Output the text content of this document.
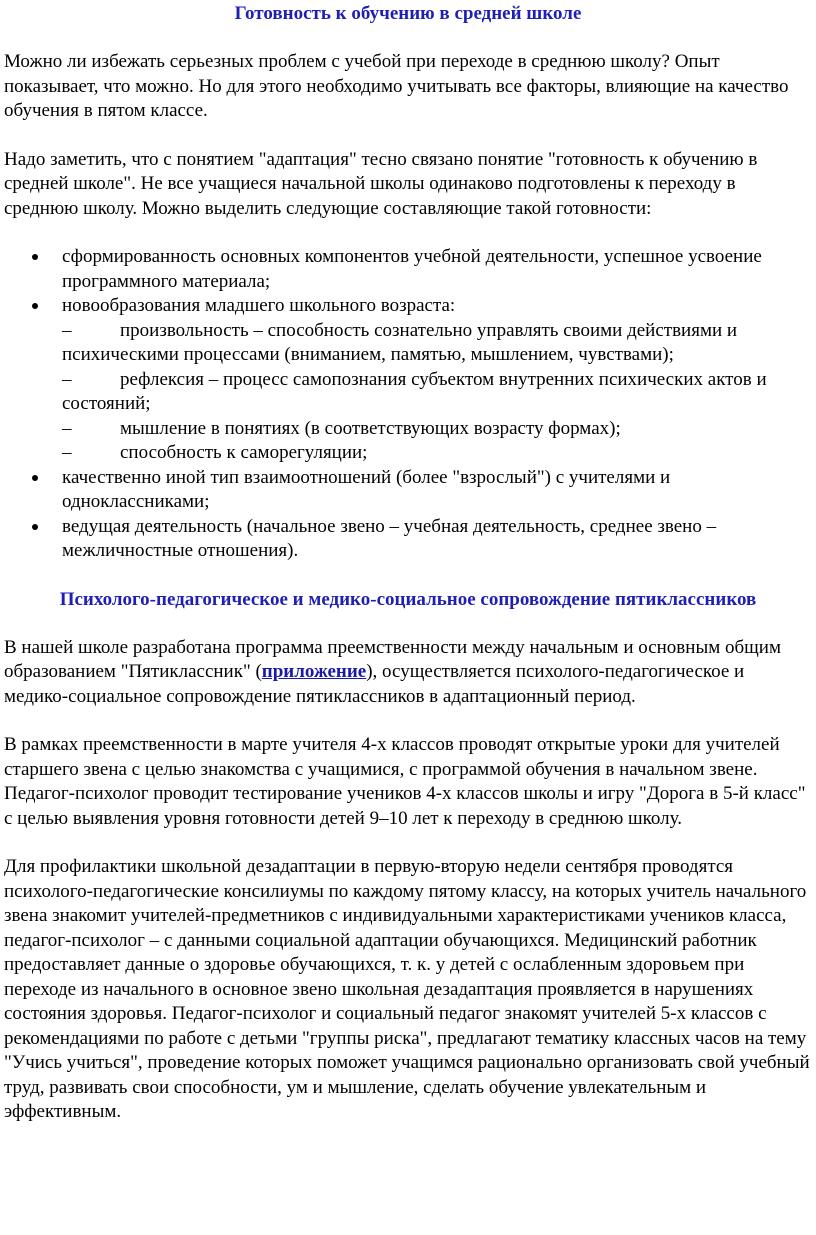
Готовность к обучению в средней школе

Можно ли избежать серьезных проблем с учебой при переходе в среднюю школу? Опыт показывает, что можно. Но для этого необходимо учитывать все факторы, влияющие на качество обучения в пятом классе.

Надо заметить, что с понятием "адаптация" тесно связано понятие "готовность к обучению в средней школе". Не все учащиеся начальной школы одинаково подготовлены к переходу в среднюю школу. Можно выделить следующие составляющие такой готовности:

сформированность основных компонентов учебной деятельности, успешное усвоение программного материала;
новообразования младшего школьного возраста:
–	произвольность – способность сознательно управлять своими действиями и психическими процессами (вниманием, памятью, мышлением, чувствами);
–	рефлексия – процесс самопознания субъектом внутренних психических актов и состояний;
–	мышление в понятиях (в соответствующих возрасту формах);
–	способность к саморегуляции;
качественно иной тип взаимоотношений (более "взрослый") с учителями и одноклассниками;
ведущая деятельность (начальное звено – учебная деятельность, среднее звено – межличностные отношения).
Психолого-педагогическое и медико-социальное сопровождение пятиклассников

В нашей школе разработана программа преемственности между начальным и основным общим образованием "Пятиклассник" (приложение), осуществляется психолого-педагогическое и медико-социальное сопровождение пятиклассников в адаптационный период.

В рамках преемственности в марте учителя 4-х классов проводят открытые уроки для учителей старшего звена с целью знакомства с учащимися, с программой обучения в начальном звене. Педагог-психолог проводит тестирование учеников 4-х классов школы и игру "Дорога в 5-й класс" с целью выявления уровня готовности детей 9–10 лет к переходу в среднюю школу.

Для профилактики школьной дезадаптации в первую-вторую недели сентября проводятся психолого-педагогические консилиумы по каждому пятому классу, на которых учитель начального звена знакомит учителей-предметников с индивидуальными характеристиками учеников класса, педагог-психолог – с данными социальной адаптации обучающихся. Медицинский работник предоставляет данные о здоровье обучающихся, т. к. у детей с ослабленным здоровьем при переходе из начального в основное звено школьная дезадаптация проявляется в нарушениях состояния здоровья. Педагог-психолог и социальный педагог знакомят учителей 5-х классов с рекомендациями по работе с детьми "группы риска", предлагают тематику классных часов на тему "Учись учиться", проведение которых поможет учащимся рационально организовать свой учебный труд, развивать свои способности, ум и мышление, сделать обучение увлекательным и эффективным.
